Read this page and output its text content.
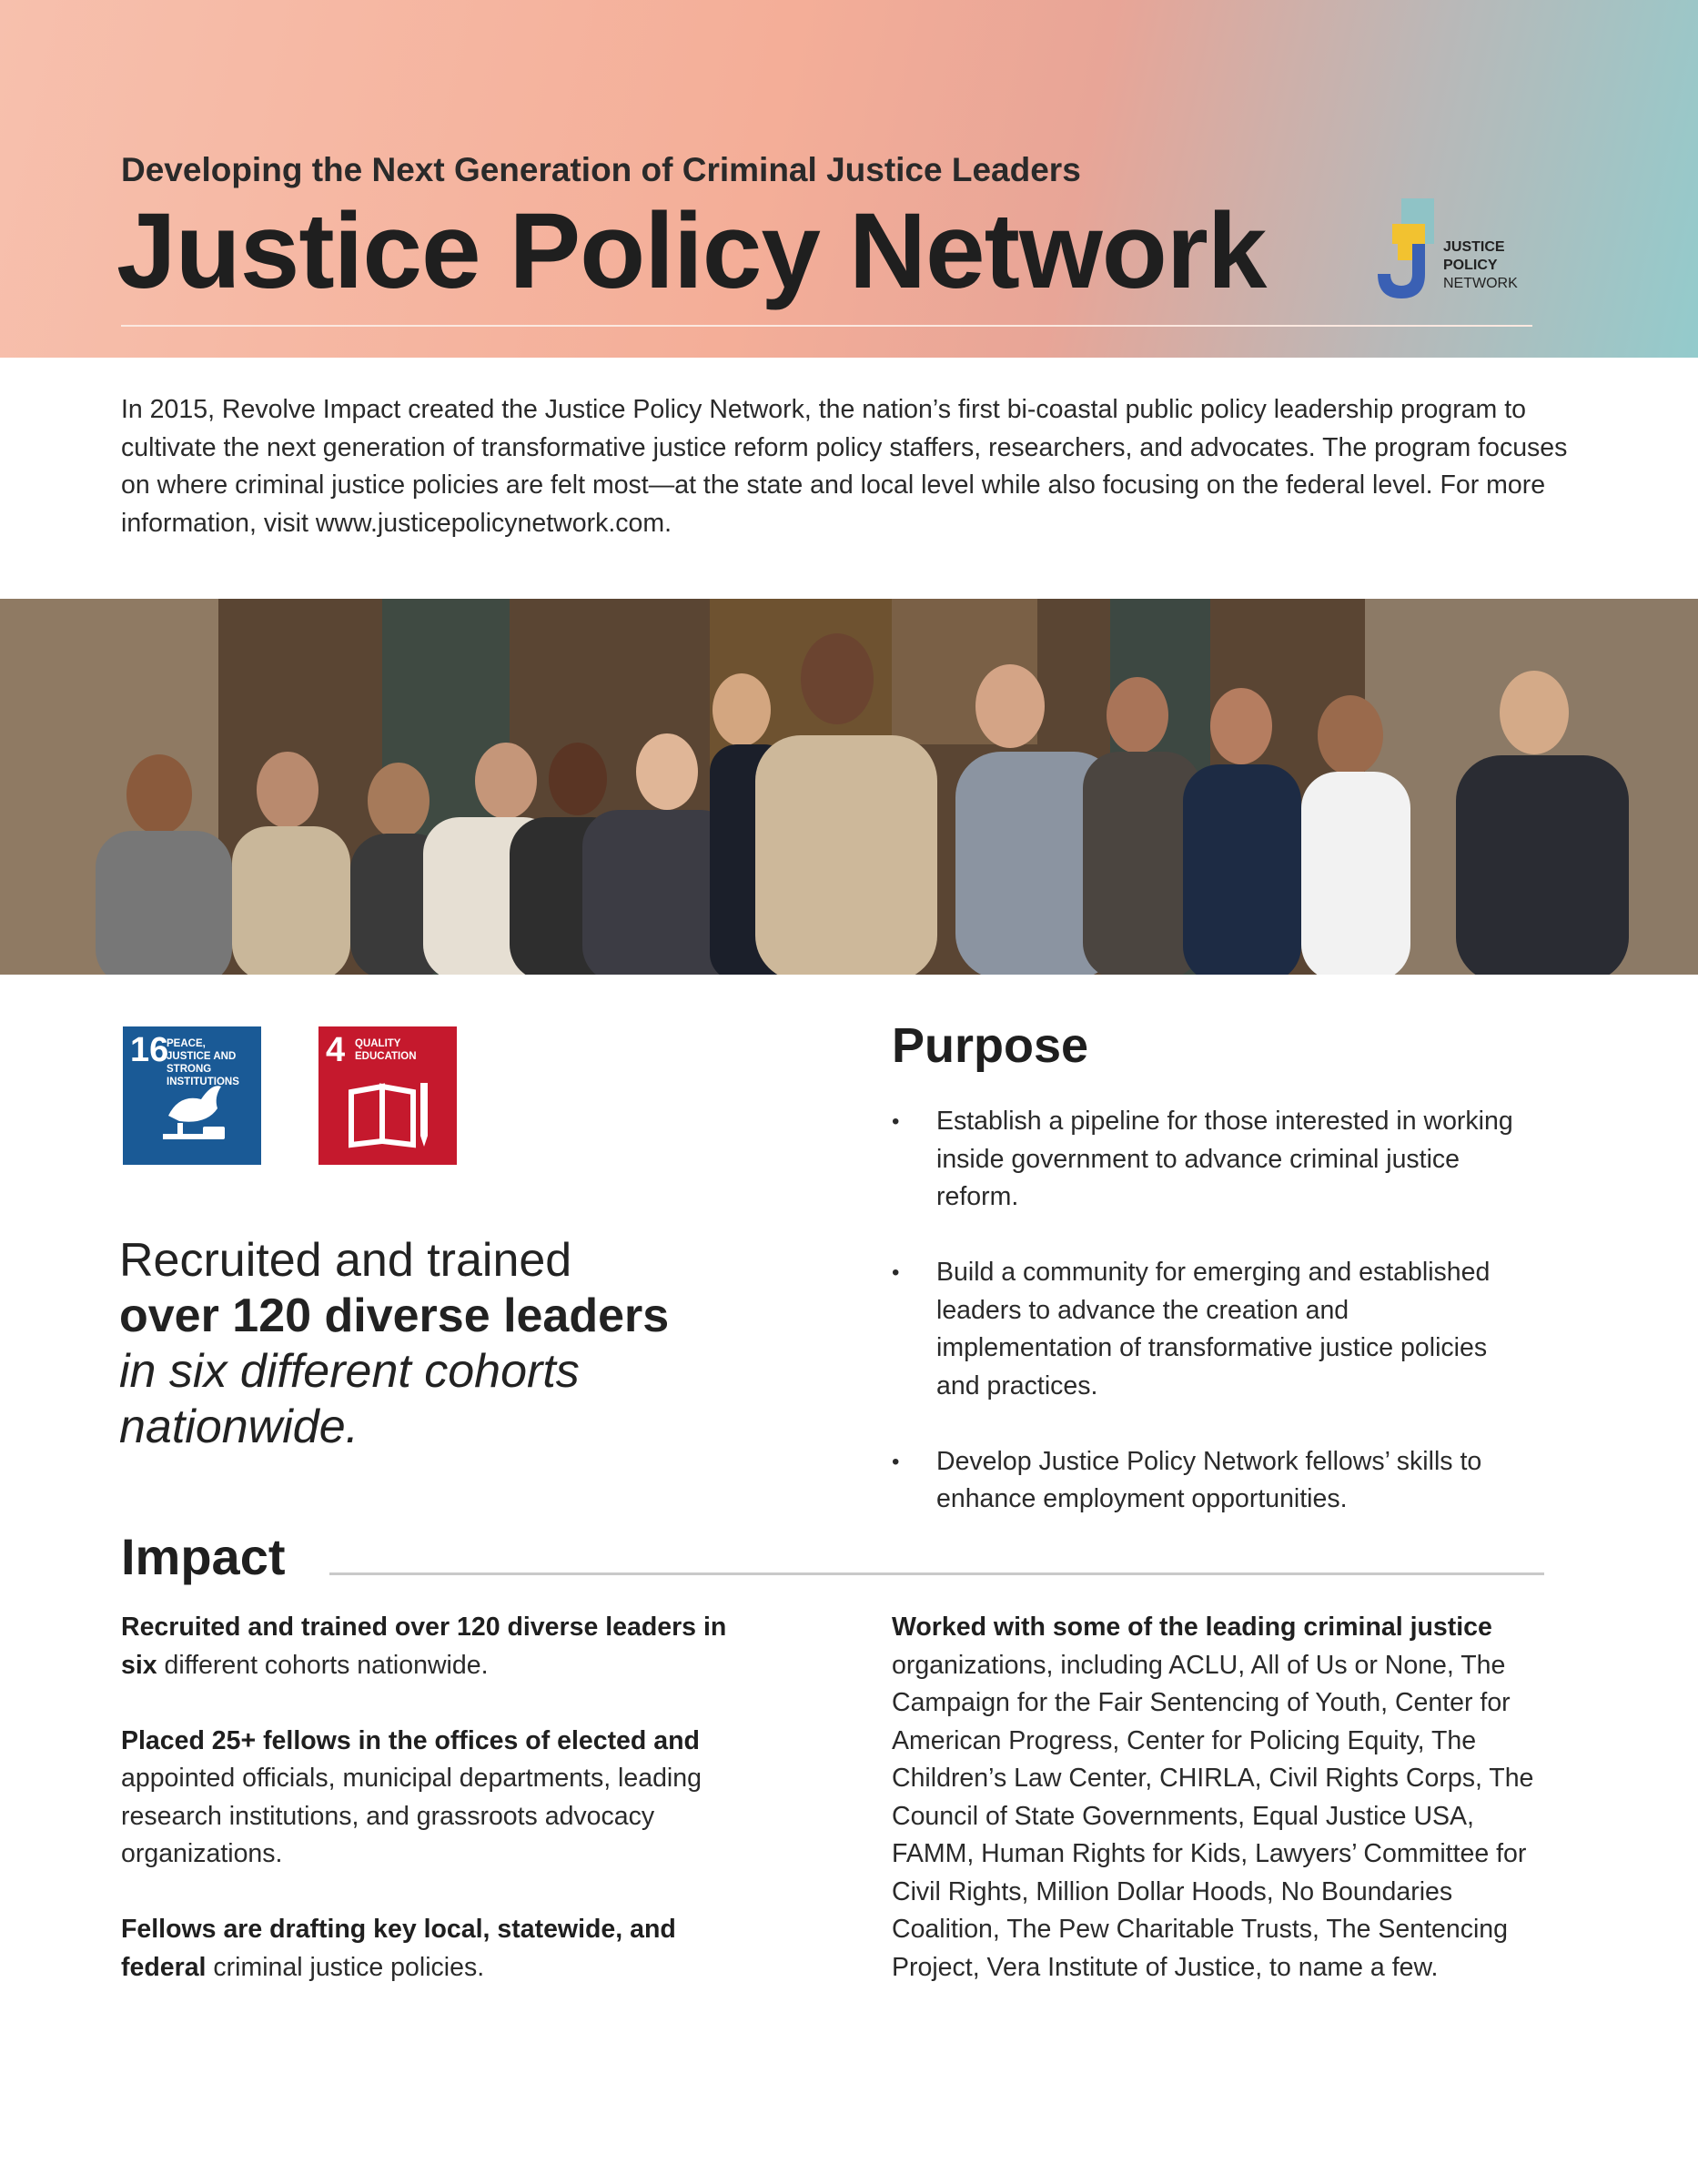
Developing the Next Generation of Criminal Justice Leaders
Justice Policy Network	JUSTICE
POLICY
NETWORK

In 2015, Revolve Impact created the Justice Policy Network, the nation’s first bi-coastal public policy leadership program to cultivate the next generation of transformative justice reform policy staffers, researchers, and advocates. The program focuses on where criminal justice policies are felt most—at the state and local level while also focusing on the federal level. For more information, visit www.justicepolicynetwork.com.

16
PEACE, JUSTICE AND STRONG INSTITUTIONS
4 QUALITY EDUCATION

Recruited and trained
over 120 diverse leaders
in six different cohorts nationwide.

Purpose
• Establish a pipeline for those interested in working inside government to advance criminal justice reform.
• Build a community for emerging and established leaders to advance the creation and implementation of transformative justice policies and practices.
• Develop Justice Policy Network fellows’ skills to enhance employment opportunities.
Impact

Recruited and trained over 120 diverse leaders in six different cohorts nationwide.

Placed 25+ fellows in the offices of elected and appointed officials, municipal departments, leading research institutions, and grassroots advocacy organizations.

Fellows are drafting key local, statewide, and federal criminal justice policies.

Worked with some of the leading criminal justice organizations, including ACLU, All of Us or None, The Campaign for the Fair Sentencing of Youth, Center for American Progress, Center for Policing Equity, The Children’s Law Center, CHIRLA, Civil Rights Corps, The Council of State Governments, Equal Justice USA, FAMM, Human Rights for Kids, Lawyers’ Committee for Civil Rights, Million Dollar Hoods, No Boundaries Coalition, The Pew Charitable Trusts, The Sentencing Project, Vera Institute of Justice, to name a few.
